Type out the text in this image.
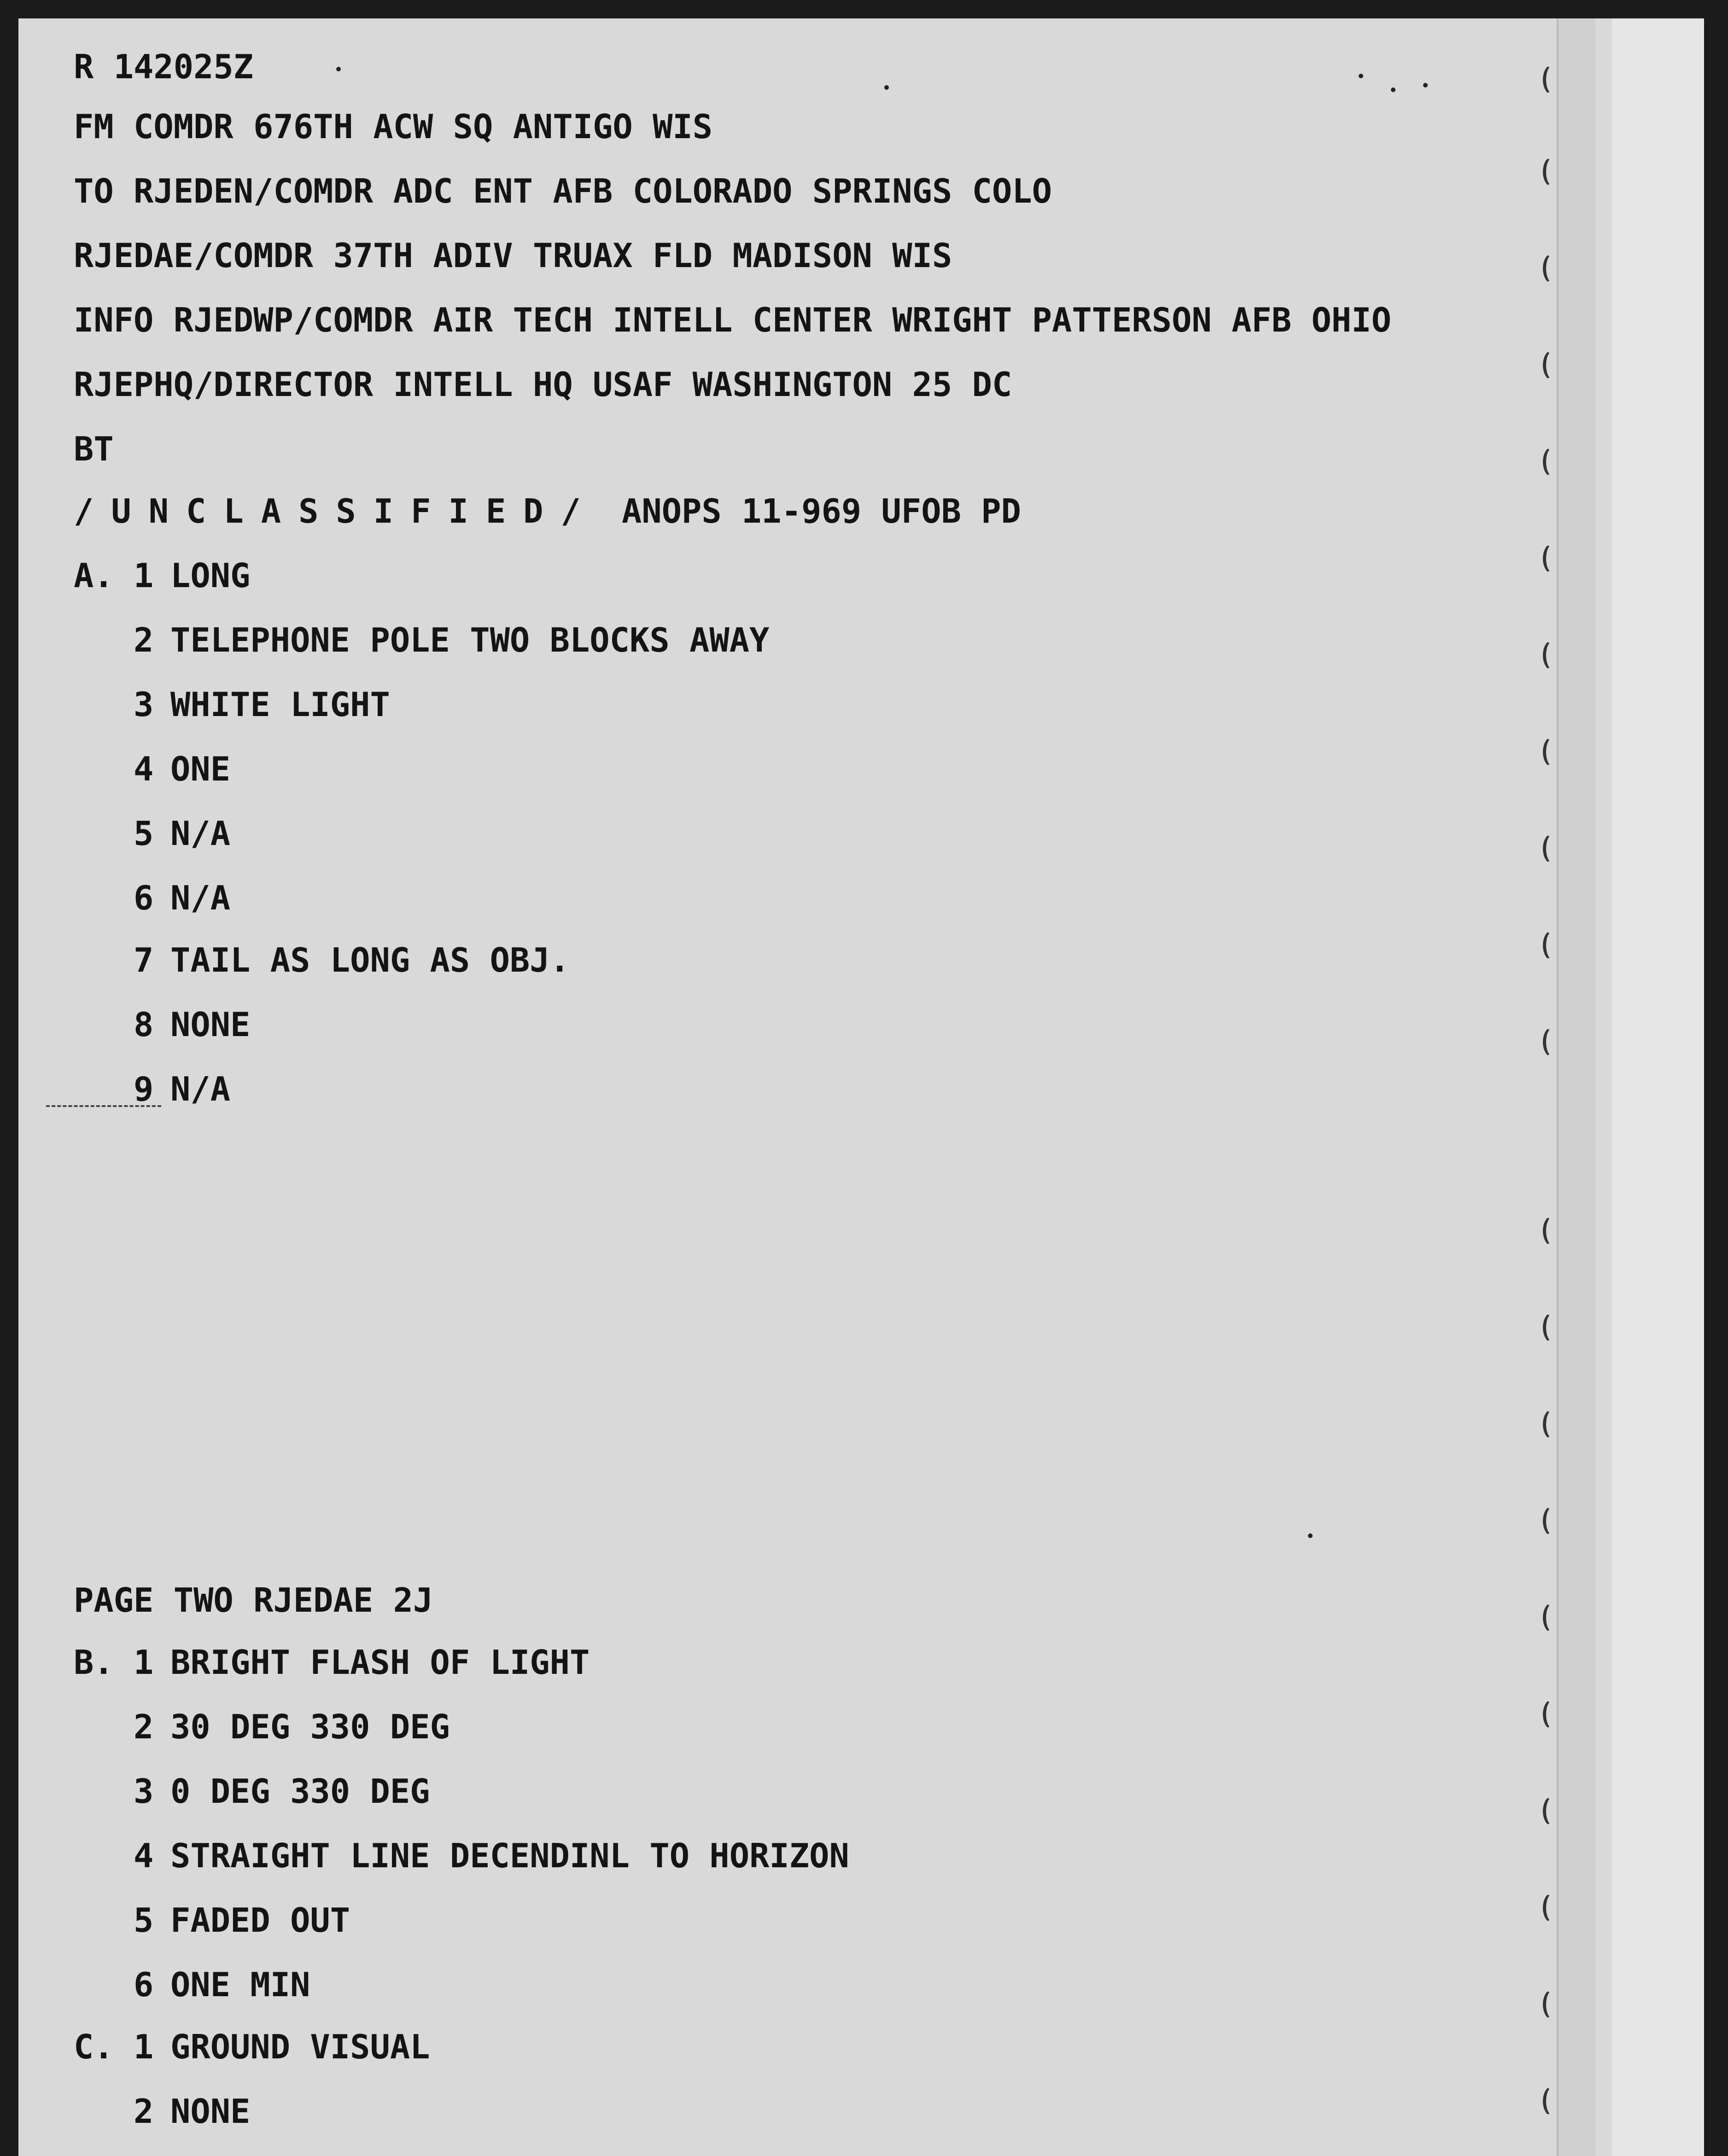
R 142025Z
FM COMDR 676TH ACW SQ ANTIGO WIS
TO RJEDEN/COMDR ADC ENT AFB COLORADO SPRINGS COLO
RJEDAE/COMDR 37TH ADIV TRUAX FLD MADISON WIS
INFO RJEDWP/COMDR AIR TECH INTELL CENTER WRIGHT PATTERSON AFB OHIO
RJEPHQ/DIRECTOR INTELL HQ USAF WASHINGTON 25 DC
BT
/UNCLASSIFIED/ ANOPS 11-969 UFOB PD
A. 1 LONG
2 TELEPHONE POLE TWO BLOCKS AWAY
3 WHITE LIGHT
4 ONE
5 N/A
6 N/A
7 TAIL AS LONG AS OBJ.
8 NONE
9 N/A
PAGE TWO RJEDAE 2J
B. 1 BRIGHT FLASH OF LIGHT
2 30 DEG 330 DEG
3 0 DEG 330 DEG
4 STRAIGHT LINE DECENDINL TO HORIZON
5 FADED OUT
6 ONE MIN
C. 1 GROUND VISUAL
2 NONE
